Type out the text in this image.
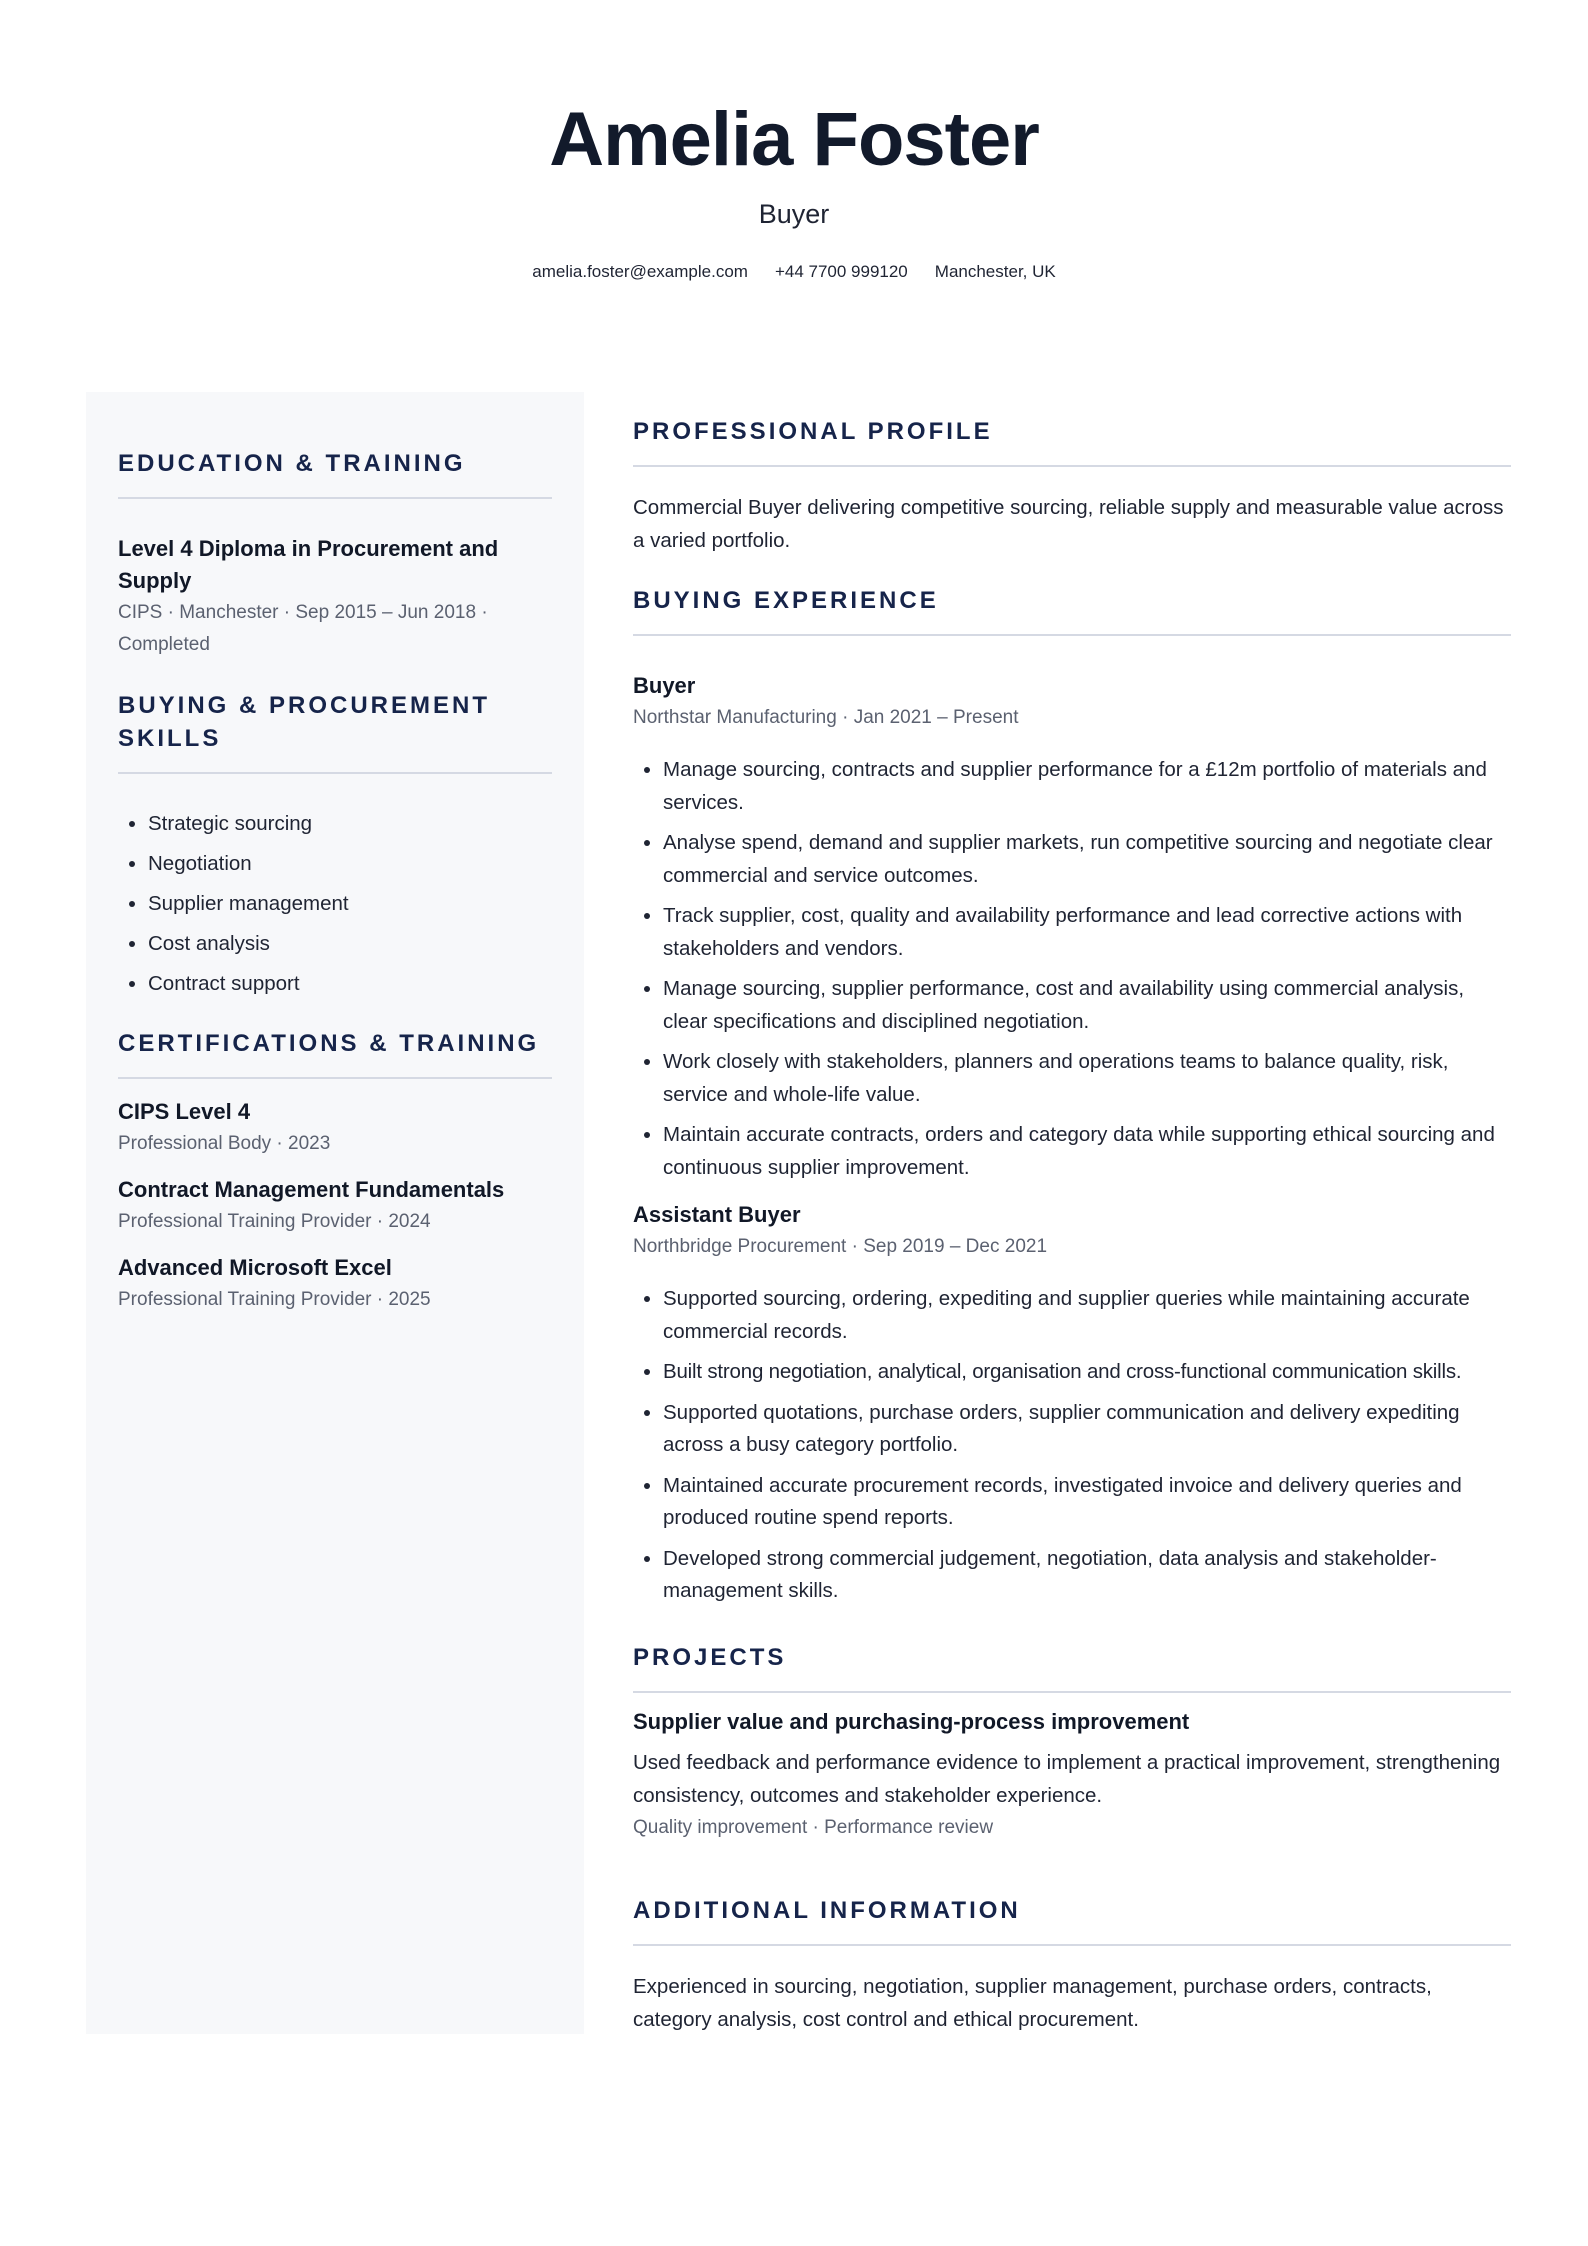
Amelia Foster
Buyer
amelia.foster@example.com +44 7700 999120 Manchester, UK
EDUCATION & TRAINING
Level 4 Diploma in Procurement and Supply
CIPS · Manchester · Sep 2015 – Jun 2018 · Completed
BUYING & PROCUREMENT SKILLS
• Strategic sourcing
• Negotiation
• Supplier management
• Cost analysis
• Contract support
CERTIFICATIONS & TRAINING
CIPS Level 4
Professional Body · 2023
Contract Management Fundamentals
Professional Training Provider · 2024
Advanced Microsoft Excel
Professional Training Provider · 2025
PROFESSIONAL PROFILE
Commercial Buyer delivering competitive sourcing, reliable supply and measurable value across a varied portfolio.
BUYING EXPERIENCE
Buyer
Northstar Manufacturing · Jan 2021 – Present
• Manage sourcing, contracts and supplier performance for a £12m portfolio of materials and services.
• Analyse spend, demand and supplier markets, run competitive sourcing and negotiate clear commercial and service outcomes.
• Track supplier, cost, quality and availability performance and lead corrective actions with stakeholders and vendors.
• Manage sourcing, supplier performance, cost and availability using commercial analysis, clear specifications and disciplined negotiation.
• Work closely with stakeholders, planners and operations teams to balance quality, risk, service and whole-life value.
• Maintain accurate contracts, orders and category data while supporting ethical sourcing and continuous supplier improvement.
Assistant Buyer
Northbridge Procurement · Sep 2019 – Dec 2021
• Supported sourcing, ordering, expediting and supplier queries while maintaining accurate commercial records.
• Built strong negotiation, analytical, organisation and cross-functional communication skills.
• Supported quotations, purchase orders, supplier communication and delivery expediting across a busy category portfolio.
• Maintained accurate procurement records, investigated invoice and delivery queries and produced routine spend reports.
• Developed strong commercial judgement, negotiation, data analysis and stakeholder-management skills.
PROJECTS
Supplier value and purchasing-process improvement
Used feedback and performance evidence to implement a practical improvement, strengthening consistency, outcomes and stakeholder experience.
Quality improvement · Performance review
ADDITIONAL INFORMATION
Experienced in sourcing, negotiation, supplier management, purchase orders, contracts, category analysis, cost control and ethical procurement.
